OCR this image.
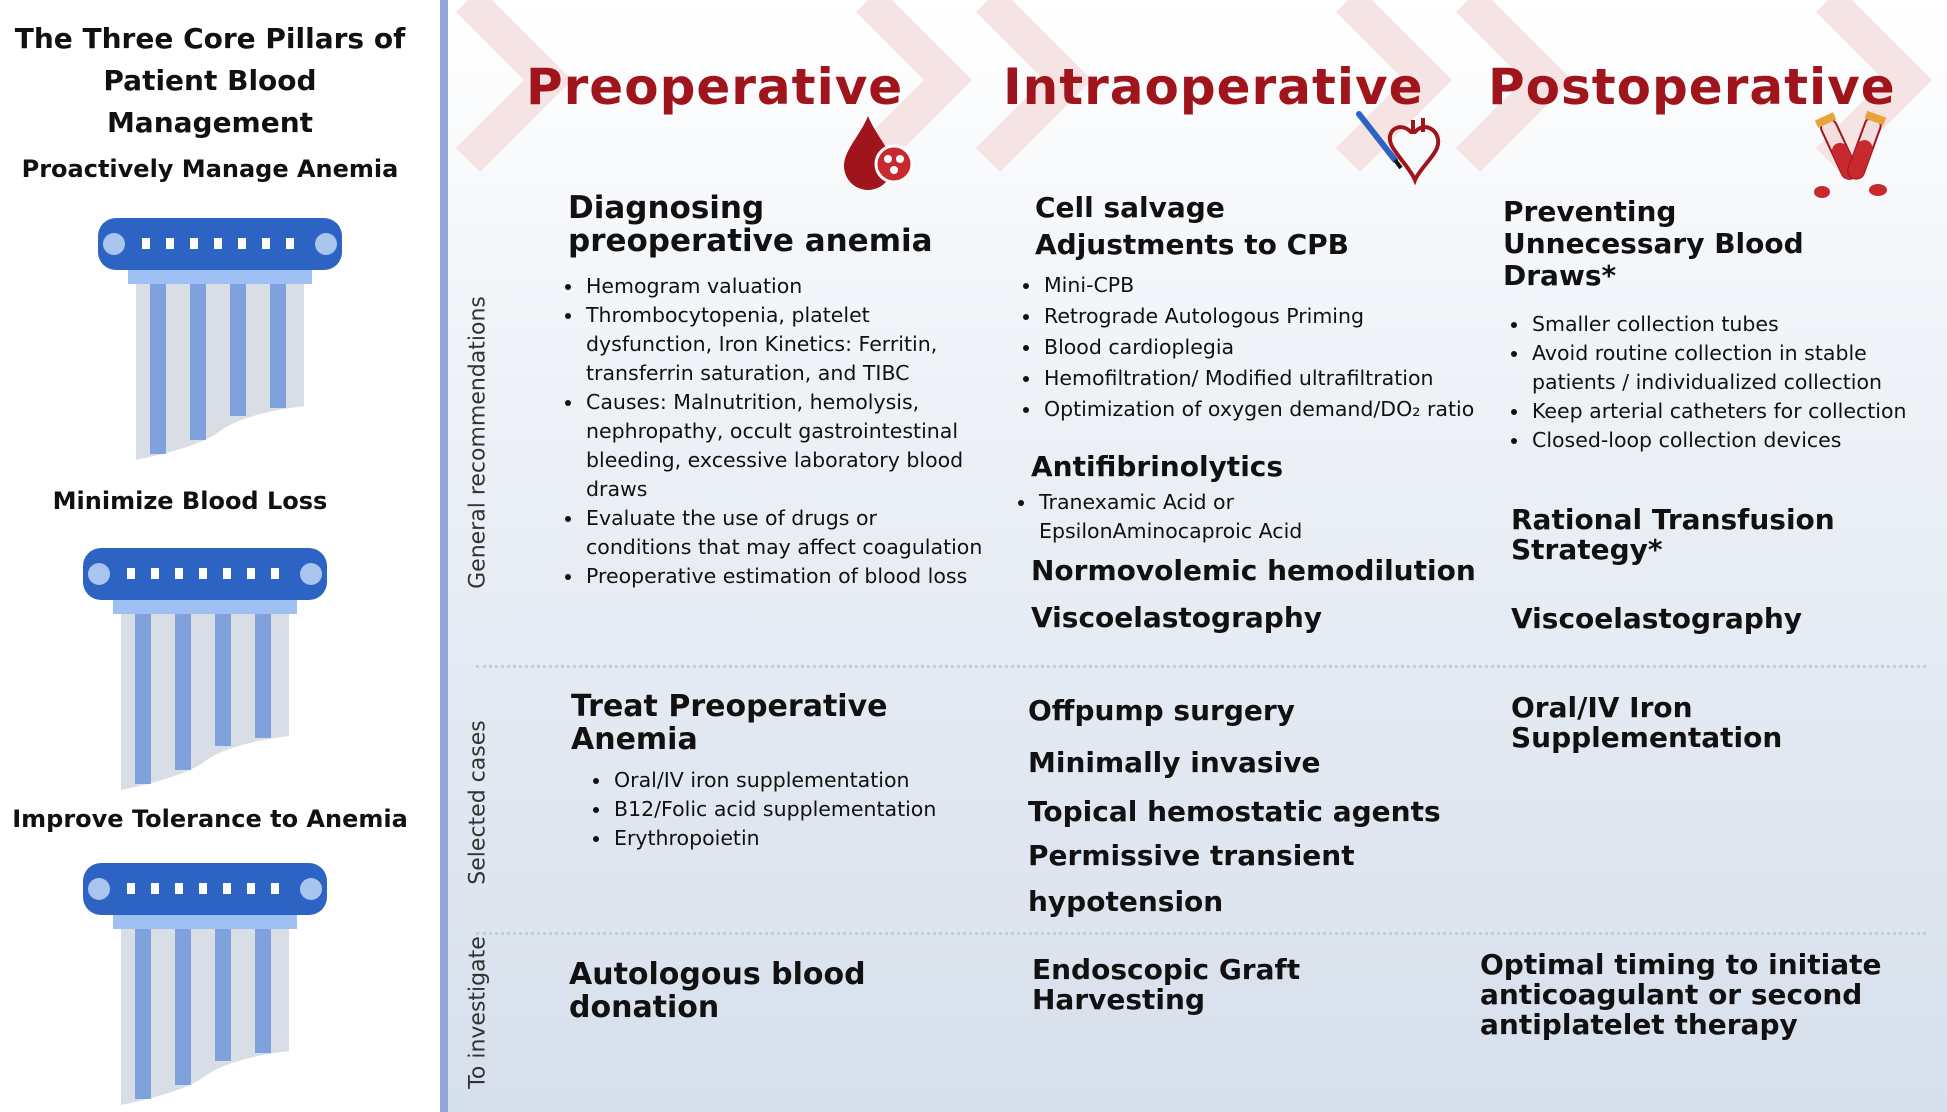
The Three Core Pillars of
Patient Blood Management
Proactively Manage Anemia
Minimize Blood Loss
Improve Tolerance to Anemia
Preoperative Intraoperative Postoperative
General recommendations
Selected cases
To investigate
Diagnosing
preoperative anemia
• Hemogram valuation
• Thrombocytopenia, platelet dysfunction, Iron Kinetics: Ferritin, transferrin saturation, and TIBC
• Causes: Malnutrition, hemolysis, nephropathy, occult gastrointestinal bleeding, excessive laboratory blood draws
• Evaluate the use of drugs or conditions that may affect coagulation
• Preoperative estimation of blood loss
Treat Preoperative
Anemia
• Oral/IV iron supplementation
• B12/Folic acid supplementation
• Erythropoietin
Autologous blood
donation
Cell salvage
Adjustments to CPB
• Mini-CPB
• Retrograde Autologous Priming
• Blood cardioplegia
• Hemofiltration/ Modified ultrafiltration
• Optimization of oxygen demand/DO₂ ratio
Antifibrinolytics
• Tranexamic Acid or EpsilonAminocaproic Acid
Normovolemic hemodilution
Viscoelastography
Offpump surgery
Minimally invasive
Topical hemostatic agents
Permissive transient
hypotension
Endoscopic Graft
Harvesting
Preventing
Unnecessary Blood
Draws*
• Smaller collection tubes
• Avoid routine collection in stable patients / individualized collection
• Keep arterial catheters for collection
• Closed-loop collection devices
Rational Transfusion
Strategy*
Viscoelastography
Oral/IV Iron
Supplementation
Optimal timing to initiate
anticoagulant or second
antiplatelet therapy
